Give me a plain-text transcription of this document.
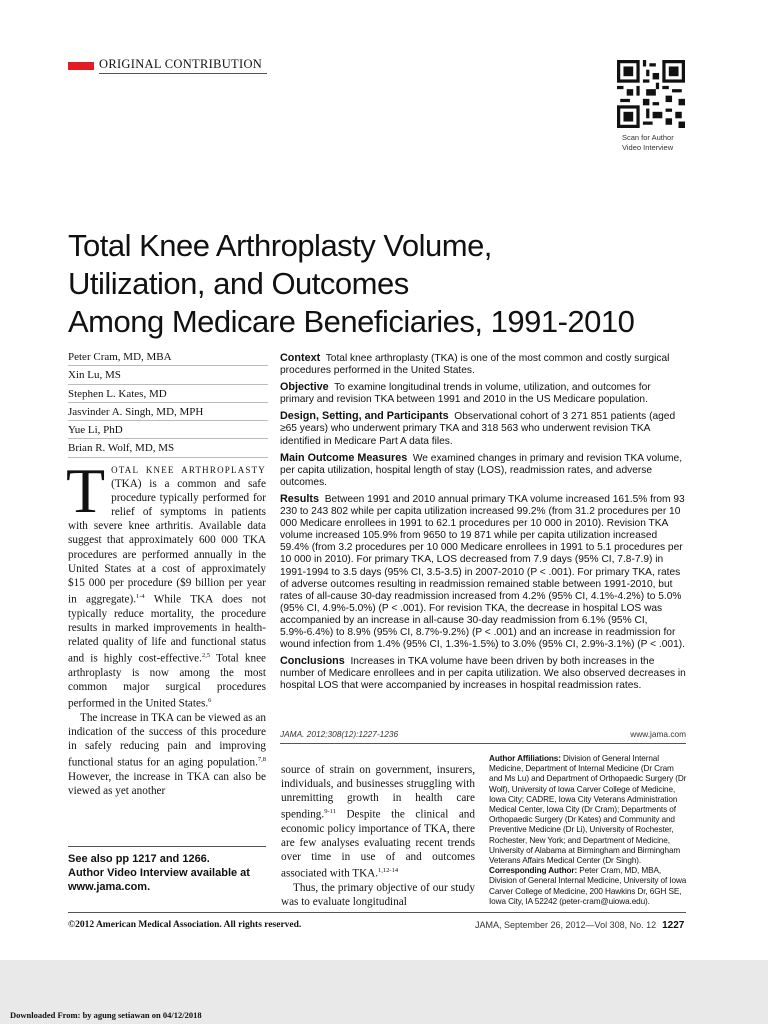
ORIGINAL CONTRIBUTION
Scan for Author
Video Interview
Total Knee Arthroplasty Volume,
Utilization, and Outcomes
Among Medicare Beneficiaries, 1991-2010
Peter Cram, MD, MBA
Xin Lu, MS
Stephen L. Kates, MD
Jasvinder A. Singh, MD, MPH
Yue Li, PhD
Brian R. Wolf, MD, MS

TOTAL KNEE ARTHROPLASTY (TKA) is a common and safe procedure typically performed for relief of symptoms in patients with severe knee arthritis. Available data suggest that approximately 600 000 TKA procedures are performed annually in the United States at a cost of approximately $15 000 per procedure ($9 billion per year in aggregate).$^{1-4}$ While TKA does not typically reduce mortality, the procedure results in marked improvements in health-related quality of life and functional status and is highly cost-effective.$^{2,5}$ Total knee arthroplasty is now among the most common major surgical procedures performed in the United States.$^6$

The increase in TKA can be viewed as an indication of the success of this procedure in safely reducing pain and improving functional status for an aging population.$^{7,8}$ However, the increase in TKA can also be viewed as yet another

See also pp 1217 and 1266.
Author Video Interview available at www.jama.com.

Context Total knee arthroplasty (TKA) is one of the most common and costly surgical procedures performed in the United States.

Objective To examine longitudinal trends in volume, utilization, and outcomes for primary and revision TKA between 1991 and 2010 in the US Medicare population.

Design, Setting, and Participants Observational cohort of 3 271 851 patients (aged ≥65 years) who underwent primary TKA and 318 563 who underwent revision TKA identified in Medicare Part A data files.

Main Outcome Measures We examined changes in primary and revision TKA volume, per capita utilization, hospital length of stay (LOS), readmission rates, and adverse outcomes.

Results Between 1991 and 2010 annual primary TKA volume increased 161.5% from 93 230 to 243 802 while per capita utilization increased 99.2% (from 31.2 procedures per 10 000 Medicare enrollees in 1991 to 62.1 procedures per 10 000 in 2010). Revision TKA volume increased 105.9% from 9650 to 19 871 while per capita utilization increased 59.4% (from 3.2 procedures per 10 000 Medicare enrollees in 1991 to 5.1 procedures per 10 000 in 2010). For primary TKA, LOS decreased from 7.9 days (95% CI, 7.8-7.9) in 1991-1994 to 3.5 days (95% CI, 3.5-3.5) in 2007-2010 (P < .001). For primary TKA, rates of adverse outcomes resulting in readmission remained stable between 1991-2010, but rates of all-cause 30-day readmission increased from 4.2% (95% CI, 4.1%-4.2%) to 5.0% (95% CI, 4.9%-5.0%) (P < .001). For revision TKA, the decrease in hospital LOS was accompanied by an increase in all-cause 30-day readmission from 6.1% (95% CI, 5.9%-6.4%) to 8.9% (95% CI, 8.7%-9.2%) (P < .001) and an increase in readmission for wound infection from 1.4% (95% CI, 1.3%-1.5%) to 3.0% (95% CI, 2.9%-3.1%) (P < .001).

Conclusions Increases in TKA volume have been driven by both increases in the number of Medicare enrollees and in per capita utilization. We also observed decreases in hospital LOS that were accompanied by increases in hospital readmission rates.

JAMA. 2012;308(12):1227-1236	www.jama.com

source of strain on government, insurers, individuals, and businesses struggling with unremitting growth in health care spending.$^{9-11}$ Despite the clinical and economic policy importance of TKA, there are few analyses evaluating recent trends over time in use of and outcomes associated with TKA.$^{1,12-14}$

Thus, the primary objective of our study was to evaluate longitudinal

Author Affiliations: Division of General Internal Medicine, Department of Internal Medicine (Dr Cram and Ms Lu) and Department of Orthopaedic Surgery (Dr Wolf), University of Iowa Carver College of Medicine, Iowa City; CADRE, Iowa City Veterans Administration Medical Center, Iowa City (Dr Cram); Departments of Orthopaedic Surgery (Dr Kates) and Community and Preventive Medicine (Dr Li), University of Rochester, Rochester, New York; and Department of Medicine, University of Alabama at Birmingham and Birmingham Veterans Affairs Medical Center (Dr Singh).

Corresponding Author: Peter Cram, MD, MBA, Division of General Internal Medicine, University of Iowa Carver College of Medicine, 200 Hawkins Dr, 6GH SE, Iowa City, IA 52242 (peter-cram@uiowa.edu).

©2012 American Medical Association. All rights reserved.	JAMA, September 26, 2012—Vol 308, No. 12 1227
Downloaded From: by agung setiawan on 04/12/2018
